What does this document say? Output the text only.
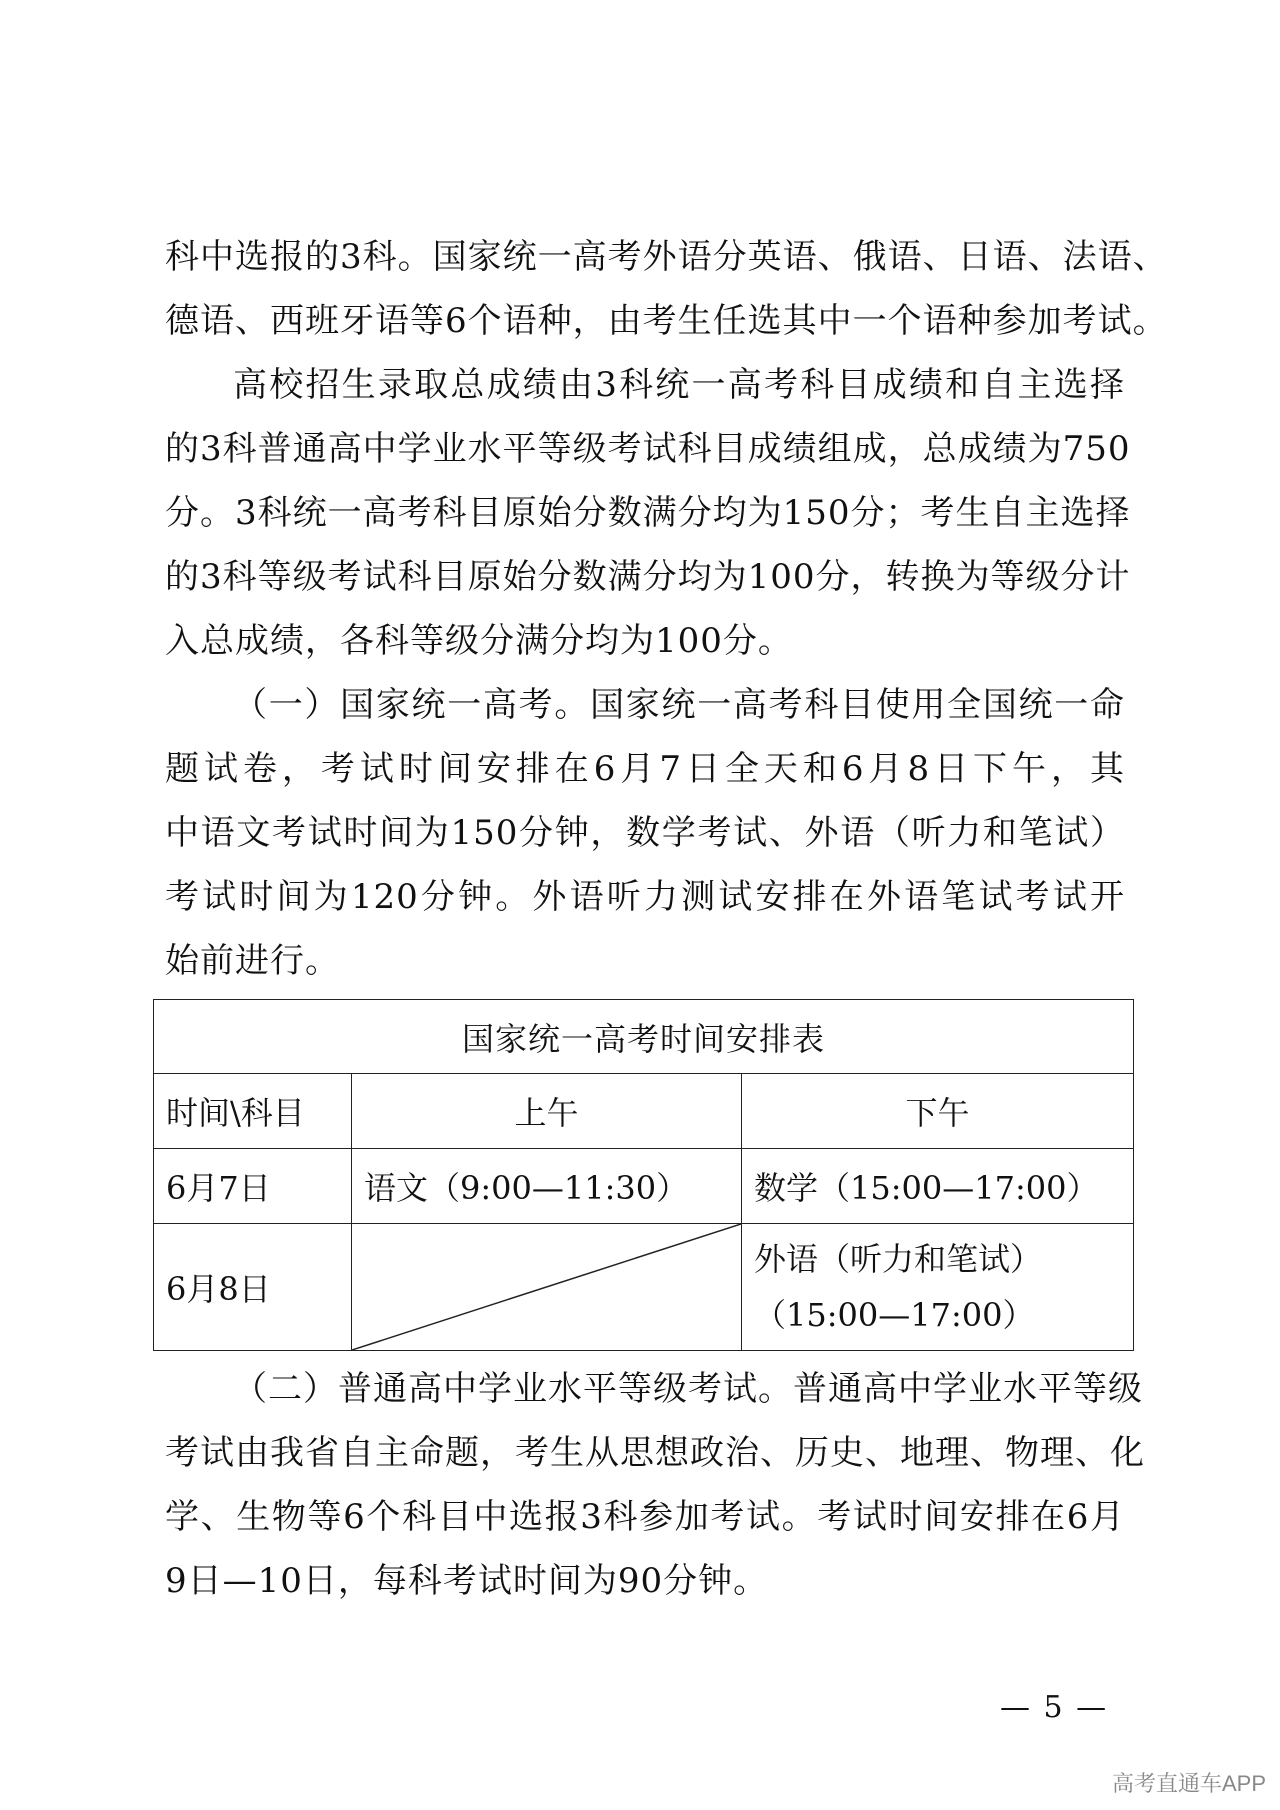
科中选报的3科。国家统一高考外语分英语、俄语、日语、法语、
德语、西班牙语等6个语种，由考生任选其中一个语种参加考试。
高校招生录取总成绩由3科统一高考科目成绩和自主选择
的3科普通高中学业水平等级考试科目成绩组成，总成绩为750
分。3科统一高考科目原始分数满分均为150分；考生自主选择
的3科等级考试科目原始分数满分均为100分，转换为等级分计
入总成绩，各科等级分满分均为100分。
（一）国家统一高考。国家统一高考科目使用全国统一命
题试卷，考试时间安排在6月7日全天和6月8日下午，其
中语文考试时间为150分钟，数学考试、外语（听力和笔试）
考试时间为120分钟。外语听力测试安排在外语笔试考试开
始前进行。
国家统一高考时间安排表		
时间\科目	上午	下午
6月7日	语文（9:00—11:30）	数学（15:00—17:00）
6月8日		外语（听力和笔试）
（15:00—17:00）
（二）普通高中学业水平等级考试。普通高中学业水平等级
考试由我省自主命题，考生从思想政治、历史、地理、物理、化
学、生物等6个科目中选报3科参加考试。考试时间安排在6月
9日—10日，每科考试时间为90分钟。
— 5 —
高考直通车APP
